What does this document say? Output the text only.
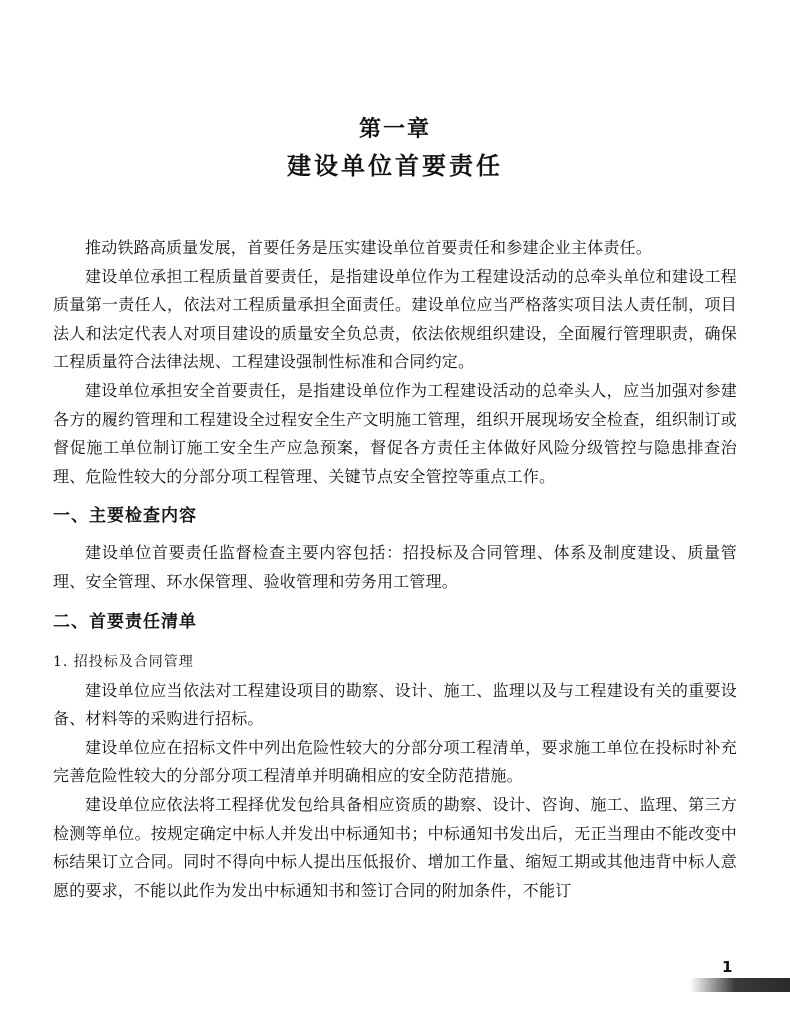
第一章
建设单位首要责任

推动铁路高质量发展，首要任务是压实建设单位首要责任和参建企业主体责任。

建设单位承担工程质量首要责任，是指建设单位作为工程建设活动的总牵头单位和建设工程质量第一责任人，依法对工程质量承担全面责任。建设单位应当严格落实项目法人责任制，项目法人和法定代表人对项目建设的质量安全负总责，依法依规组织建设，全面履行管理职责，确保工程质量符合法律法规、工程建设强制性标准和合同约定。

建设单位承担安全首要责任，是指建设单位作为工程建设活动的总牵头人，应当加强对参建各方的履约管理和工程建设全过程安全生产文明施工管理，组织开展现场安全检查，组织制订或督促施工单位制订施工安全生产应急预案，督促各方责任主体做好风险分级管控与隐患排查治理、危险性较大的分部分项工程管理、关键节点安全管控等重点工作。

一、主要检查内容

建设单位首要责任监督检查主要内容包括：招投标及合同管理、体系及制度建设、质量管理、安全管理、环水保管理、验收管理和劳务用工管理。

二、首要责任清单
1. 招投标及合同管理

建设单位应当依法对工程建设项目的勘察、设计、施工、监理以及与工程建设有关的重要设备、材料等的采购进行招标。

建设单位应在招标文件中列出危险性较大的分部分项工程清单，要求施工单位在投标时补充完善危险性较大的分部分项工程清单并明确相应的安全防范措施。

建设单位应依法将工程择优发包给具备相应资质的勘察、设计、咨询、施工、监理、第三方检测等单位。按规定确定中标人并发出中标通知书；中标通知书发出后，无正当理由不能改变中标结果订立合同。同时不得向中标人提出压低报价、增加工作量、缩短工期或其他违背中标人意愿的要求，不能以此作为发出中标通知书和签订合同的附加条件，不能订

1
